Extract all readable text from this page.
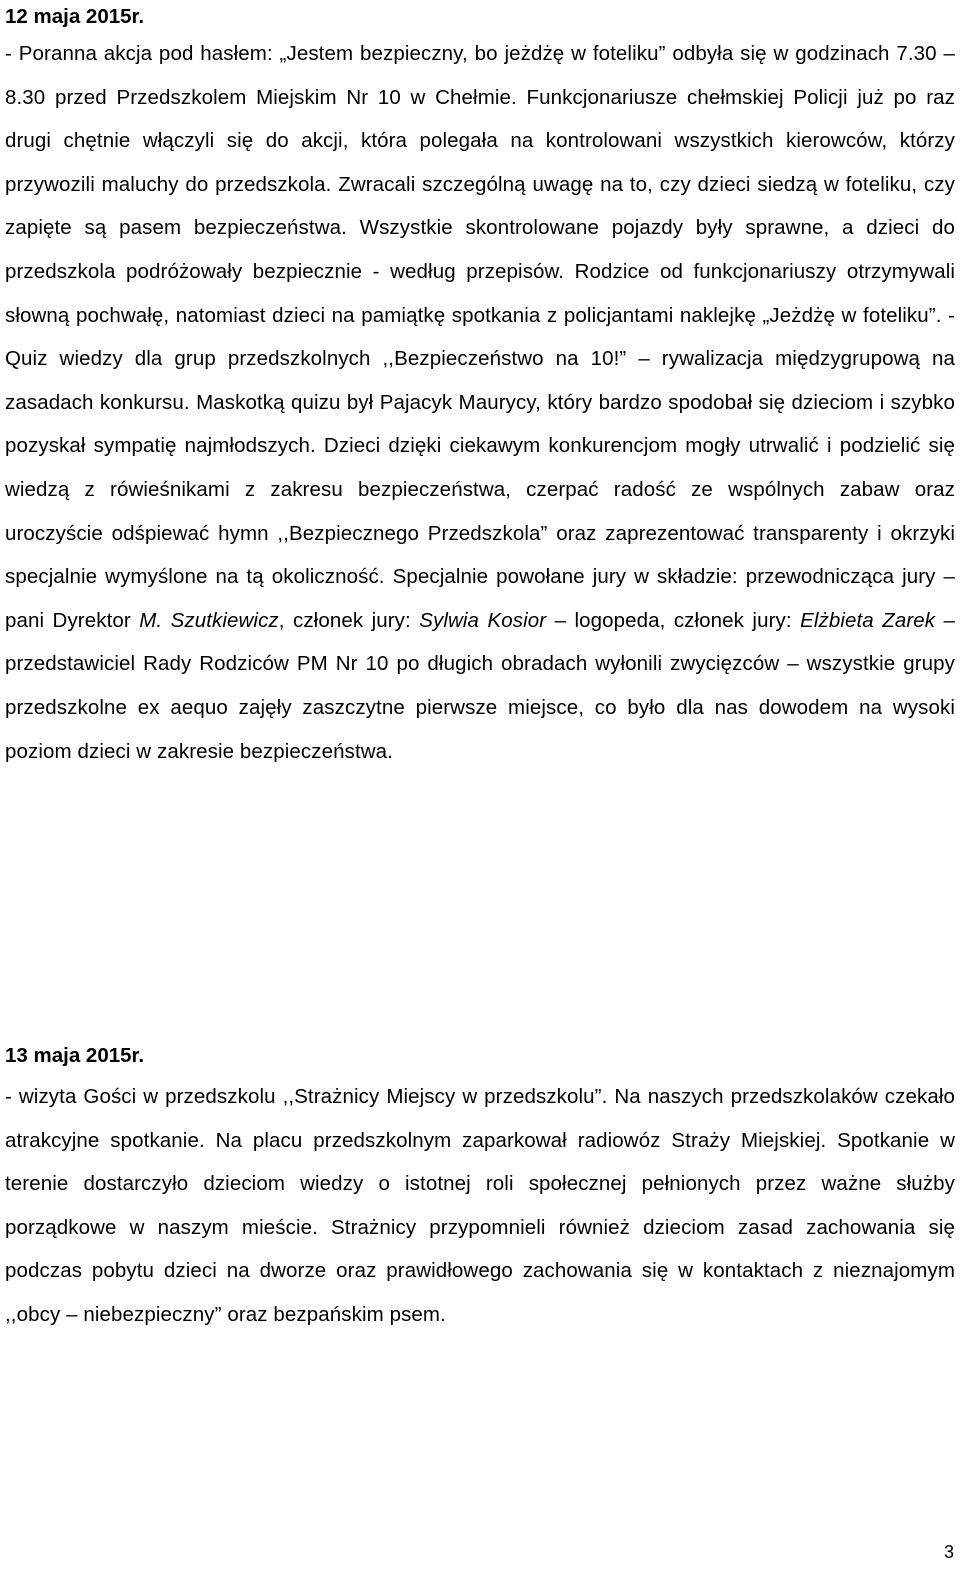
12 maja 2015r.
- Poranna akcja pod hasłem: „Jestem bezpieczny, bo jeżdżę w foteliku” odbyła się w godzinach 7.30 – 8.30 przed Przedszkolem Miejskim Nr 10 w Chełmie. Funkcjonariusze chełmskiej Policji już po raz drugi chętnie włączyli się do akcji, która polegała na kontrolowani wszystkich kierowców, którzy przywozili maluchy do przedszkola. Zwracali szczególną uwagę na to, czy dzieci siedzą w foteliku, czy zapięte są pasem bezpieczeństwa. Wszystkie skontrolowane pojazdy były sprawne, a dzieci do przedszkola podróżowały bezpiecznie - według przepisów. Rodzice od funkcjonariuszy otrzymywali słowną pochwałę, natomiast dzieci na pamiątkę spotkania z policjantami naklejkę „Jeżdżę w foteliku”. - Quiz wiedzy dla grup przedszkolnych ,,Bezpieczeństwo na 10!” – rywalizacja międzygrupową na zasadach konkursu. Maskotką quizu był Pajacyk Maurycy, który bardzo spodobał się dzieciom i szybko pozyskał sympatię najmłodszych. Dzieci dzięki ciekawym konkurencjom mogły utrwalić i podzielić się wiedzą z rówieśnikami z zakresu bezpieczeństwa, czerpać radość ze wspólnych zabaw oraz uroczyście odśpiewać hymn ,,Bezpiecznego Przedszkola” oraz zaprezentować transparenty i okrzyki specjalnie wymyślone na tą okoliczność. Specjalnie powołane jury w składzie: przewodnicząca jury – pani Dyrektor M. Szutkiewicz, członek jury: Sylwia Kosior – logopeda, członek jury: Elżbieta Zarek – przedstawiciel Rady Rodziców PM Nr 10 po długich obradach wyłonili zwycięzców – wszystkie grupy przedszkolne ex aequo zajęły zaszczytne pierwsze miejsce, co było dla nas dowodem na wysoki poziom dzieci w zakresie bezpieczeństwa.
13 maja 2015r.
- wizyta Gości w przedszkolu ,,Strażnicy Miejscy w przedszkolu”. Na naszych przedszkolaków czekało atrakcyjne spotkanie. Na placu przedszkolnym zaparkował radiowóz Straży Miejskiej. Spotkanie w terenie dostarczyło dzieciom wiedzy o istotnej roli społecznej pełnionych przez ważne służby porządkowe w naszym mieście. Strażnicy przypomnieli również dzieciom zasad zachowania się podczas pobytu dzieci na dworze oraz prawidłowego zachowania się w kontaktach z nieznajomym ,,obcy – niebezpieczny” oraz bezpańskim psem.
3
